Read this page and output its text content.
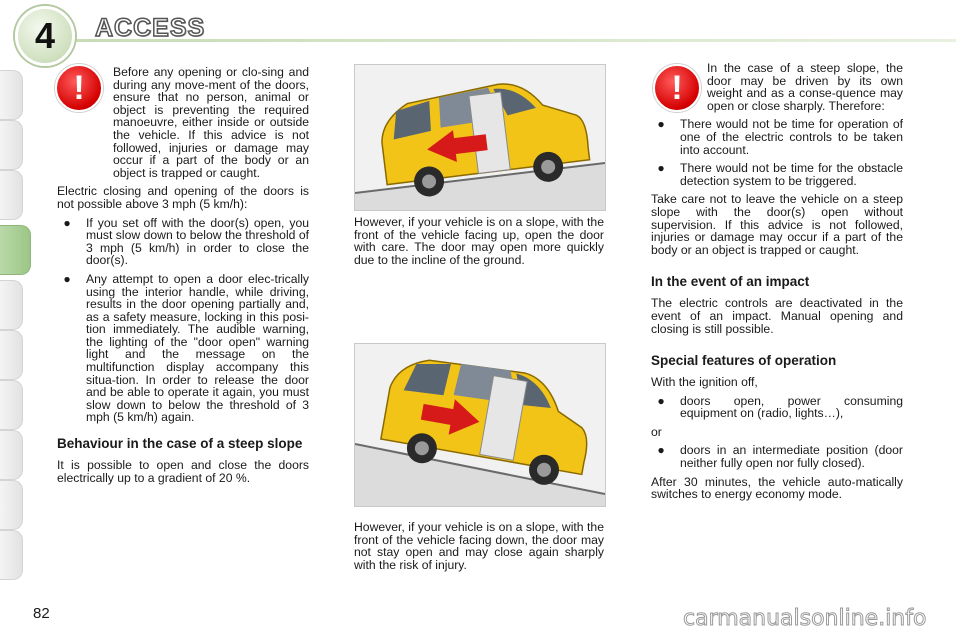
4	ACCESS
!	Before any opening or clo-sing and during any move-ment of the doors, ensure that no person, animal or object is preventing the required manoeuvre, either inside or outside the vehicle. If this advice is not followed, injuries or damage may occur if a part of the body or an object is trapped or caught.

Electric closing and opening of the doors is not possible above 3 mph (5 km/h):

●	If you set off with the door(s) open, you must slow down to below the threshold of 3 mph (5 km/h) in order to close the door(s).
●	Any attempt to open a door elec-trically using the interior handle, while driving, results in the door opening partially and, as a safety measure, locking in this posi-tion immediately. The audible warning, the lighting of the "door open" warning light and the message on the multifunction display accompany this situa-tion. In order to release the door and be able to operate it again, you must slow down to below the threshold of 3 mph (5 km/h) again.
Behaviour in the case of a steep slope

It is possible to open and close the doors electrically up to a gradient of 20 %.

However, if your vehicle is on a slope, with the front of the vehicle facing up, open the door with care. The door may open more quickly due to the incline of the ground.

However, if your vehicle is on a slope, with the front of the vehicle facing down, the door may not stay open and may close again sharply with the risk of injury.

!

In the case of a steep slope, the door may be driven by its own weight and as a conse-quence may open or close sharply. Therefore:

●	There would not be time for operation of one of the electric controls to be taken into account.
●	There would not be time for the obstacle detection system to be triggered.

Take care not to leave the vehicle on a steep slope with the door(s) open without supervision. If this advice is not followed, injuries or damage may occur if a part of the body or an object is trapped or caught.

In the event of an impact

The electric controls are deactivated in the event of an impact. Manual opening and closing is still possible.

Special features of operation

With the ignition off,

●	doors open, power consuming equipment on (radio, lights…),

or

●	doors in an intermediate position (door neither fully open nor fully closed).

After 30 minutes, the vehicle auto-matically switches to energy economy mode.

82	carmanualsonline.info
